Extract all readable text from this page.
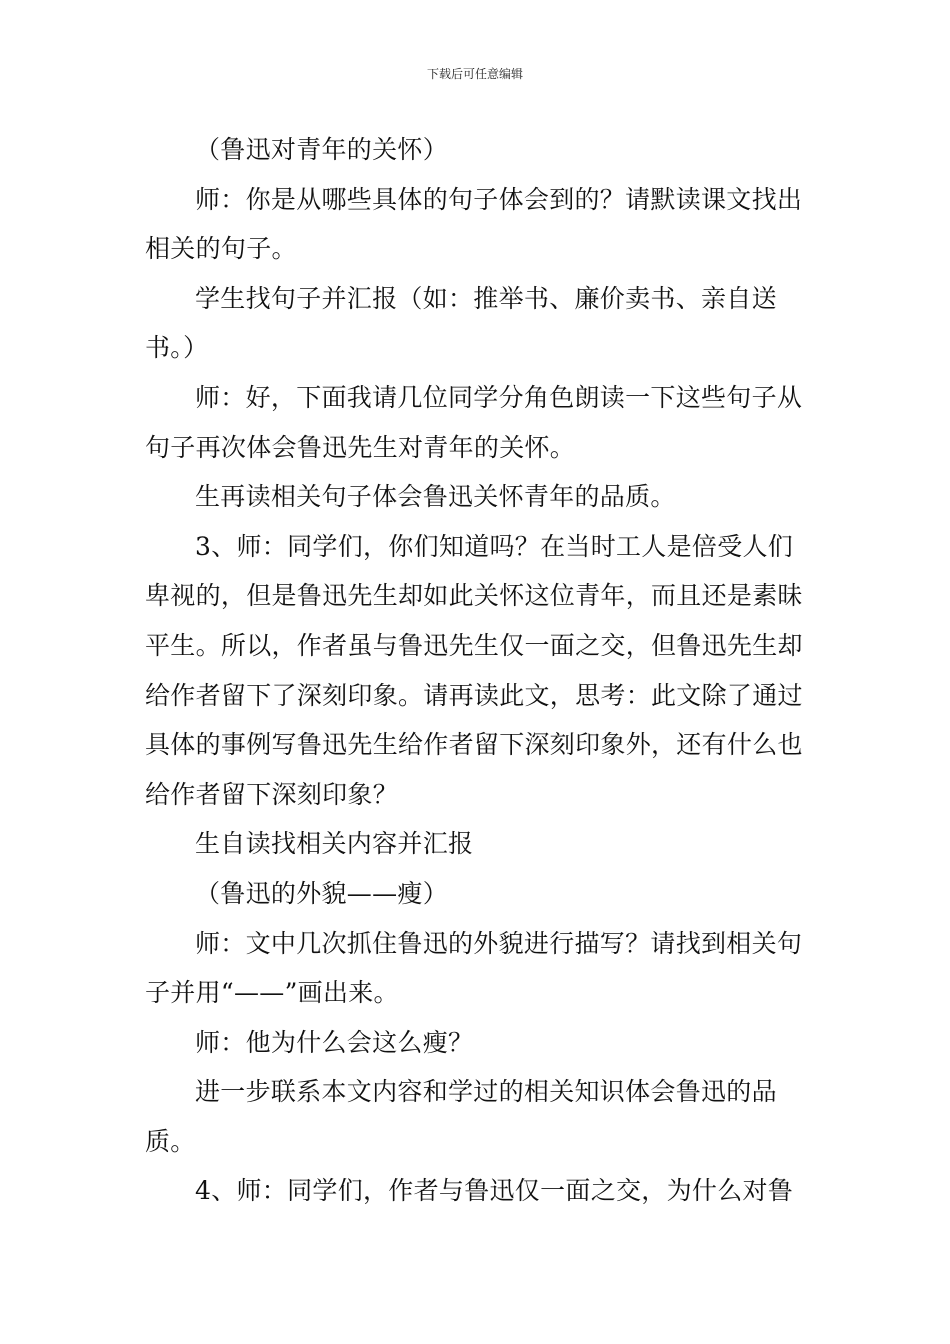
下载后可任意编辑

（鲁迅对青年的关怀）

师：你是从哪些具体的句子体会到的？请默读课文找出相关的句子。

学生找句子并汇报（如：推举书、廉价卖书、亲自送书。）

师：好，下面我请几位同学分角色朗读一下这些句子从句子再次体会鲁迅先生对青年的关怀。

生再读相关句子体会鲁迅关怀青年的品质。

3、师：同学们，你们知道吗？在当时工人是倍受人们卑视的，但是鲁迅先生却如此关怀这位青年，而且还是素昧平生。所以，作者虽与鲁迅先生仅一面之交，但鲁迅先生却给作者留下了深刻印象。请再读此文，思考：此文除了通过具体的事例写鲁迅先生给作者留下深刻印象外，还有什么也给作者留下深刻印象？

生自读找相关内容并汇报

（鲁迅的外貌——瘦）

师：文中几次抓住鲁迅的外貌进行描写？请找到相关句子并用“——”画出来。

师：他为什么会这么瘦？

进一步联系本文内容和学过的相关知识体会鲁迅的品质。

4、师：同学们，作者与鲁迅仅一面之交，为什么对鲁
